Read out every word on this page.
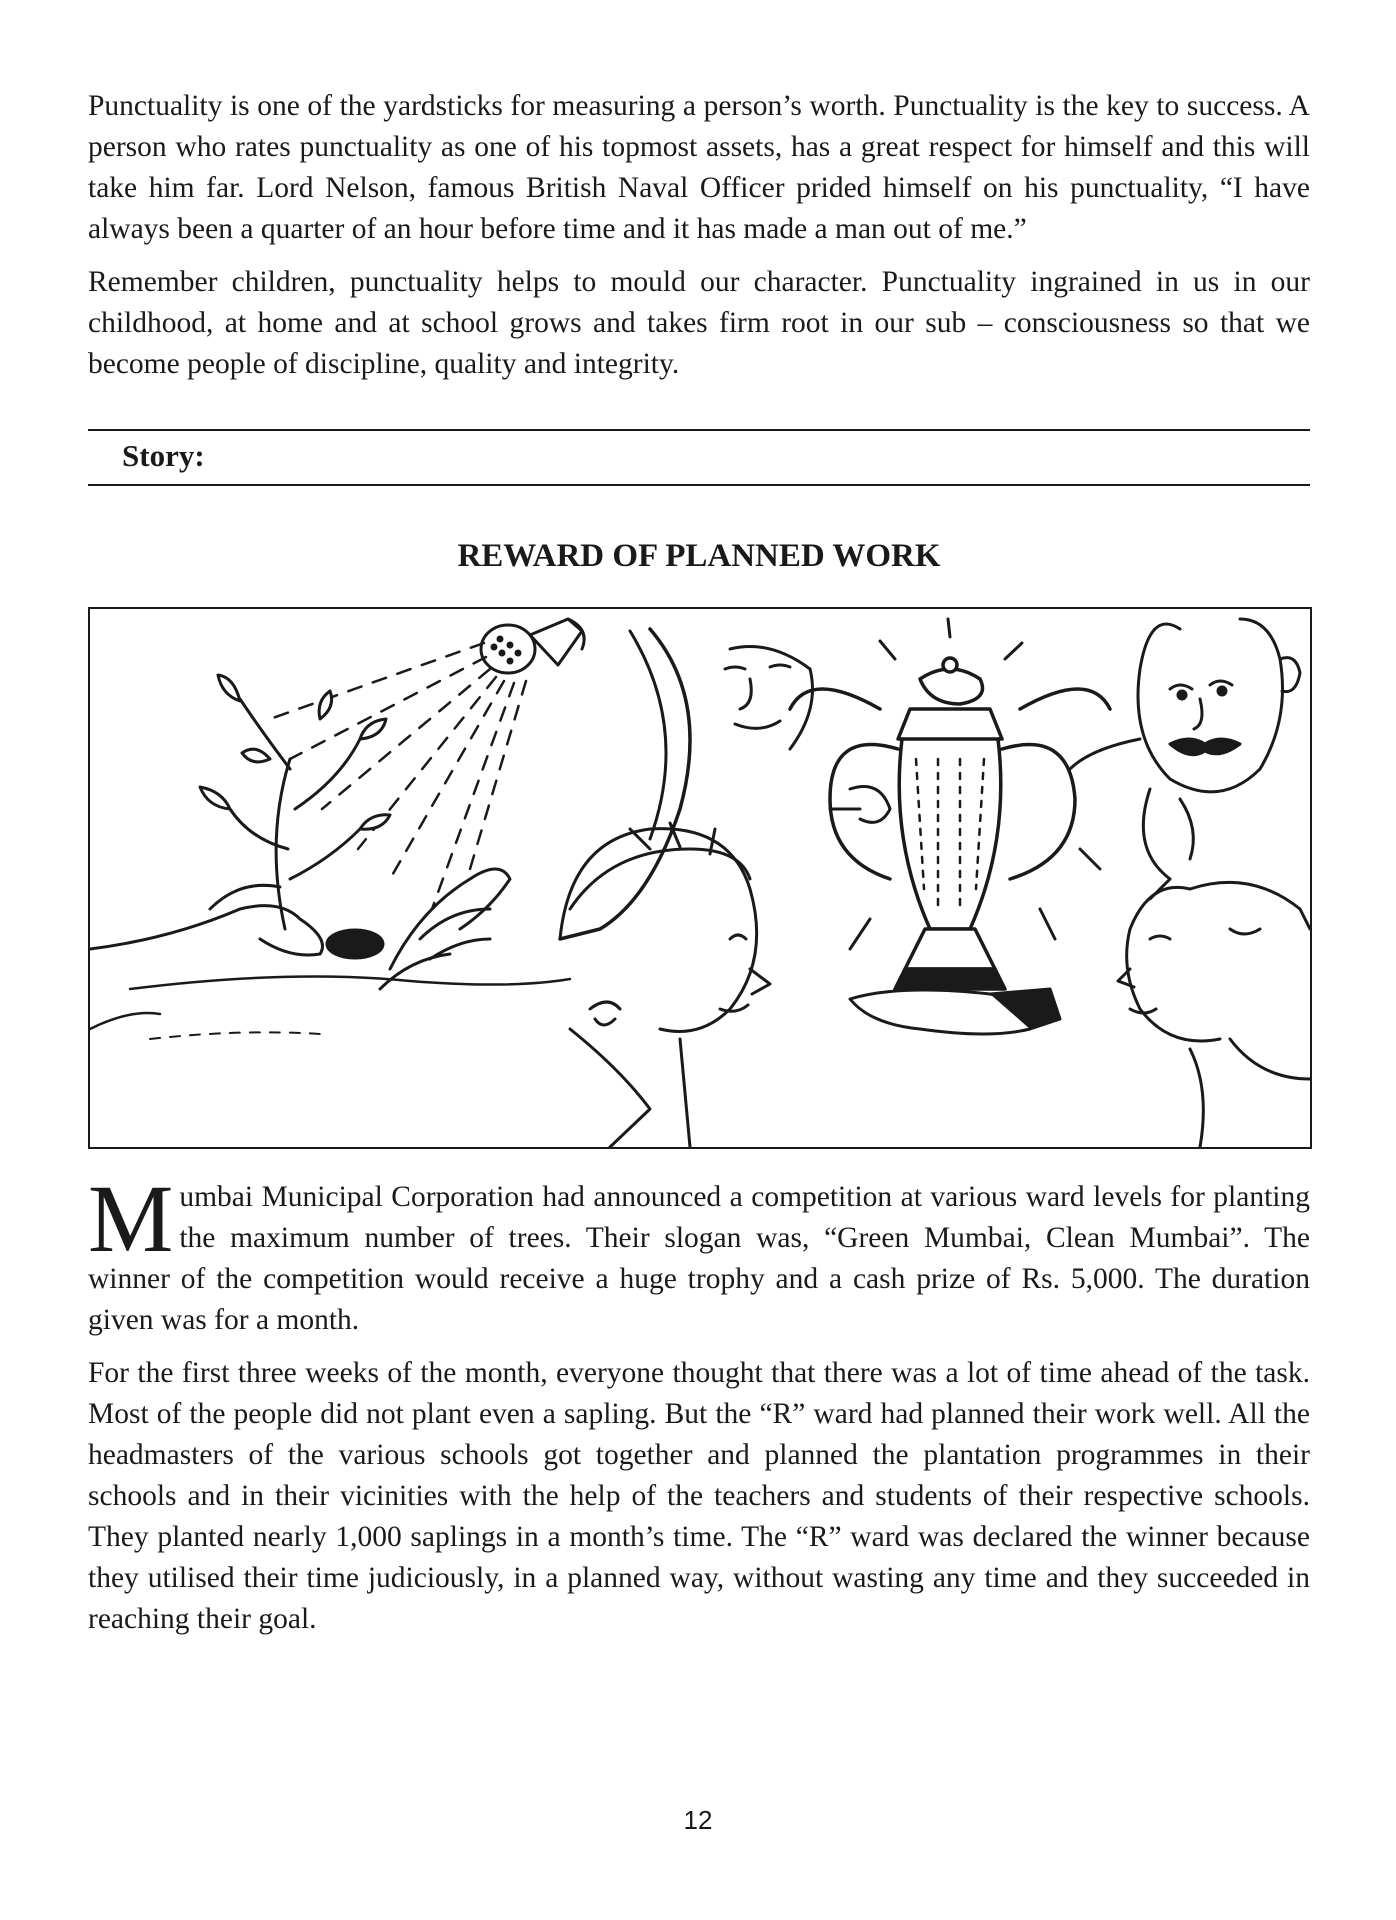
Punctuality is one of the yardsticks for measuring a person’s worth. Punctuality is the key to success. A person who rates punctuality as one of his topmost assets, has a great respect for himself and this will take him far. Lord Nelson, famous British Naval Officer prided himself on his punctuality, “I have always been a quarter of an hour before time and it has made a man out of me.”

Remember children, punctuality helps to mould our character. Punctuality ingrained in us in our childhood, at home and at school grows and takes firm root in our sub – consciousness so that we become people of discipline, quality and integrity.

Story:
REWARD OF PLANNED WORK

Mumbai Municipal Corporation had announced a competition at various ward levels for planting the maximum number of trees. Their slogan was, “Green Mumbai, Clean Mumbai”. The winner of the competition would receive a huge trophy and a cash prize of Rs. 5,000. The duration given was for a month.

For the first three weeks of the month, everyone thought that there was a lot of time ahead of the task. Most of the people did not plant even a sapling. But the “R” ward had planned their work well. All the headmasters of the various schools got together and planned the plantation programmes in their schools and in their vicinities with the help of the teachers and students of their respective schools. They planted nearly 1,000 saplings in a month’s time. The “R” ward was declared the winner because they utilised their time judiciously, in a planned way, without wasting any time and they succeeded in reaching their goal.

12
